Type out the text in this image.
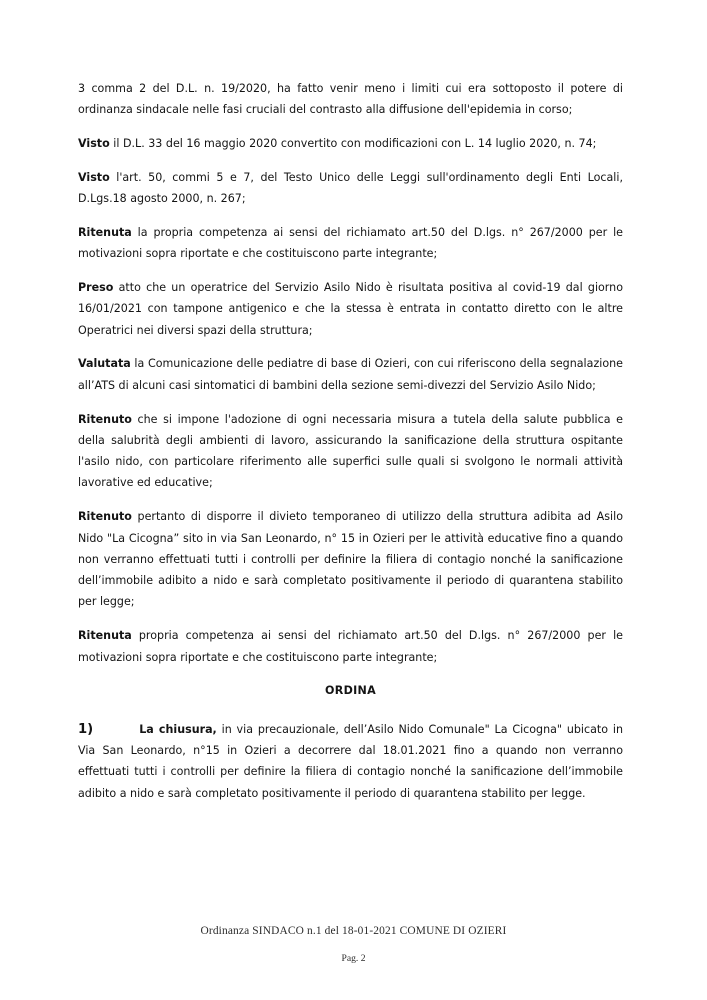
3 comma 2 del D.L. n. 19/2020, ha fatto venir meno i limiti cui era sottoposto il potere di ordinanza sindacale nelle fasi cruciali del contrasto alla diffusione dell'epidemia in corso;

Visto il D.L. 33 del 16 maggio 2020 convertito con modificazioni con L. 14 luglio 2020, n. 74;

Visto l'art. 50, commi 5 e 7, del Testo Unico delle Leggi sull'ordinamento degli Enti Locali, D.Lgs.18 agosto 2000, n. 267;

Ritenuta la propria competenza ai sensi del richiamato art.50 del D.lgs. n° 267/2000 per le motivazioni sopra riportate e che costituiscono parte integrante;

Preso atto che un operatrice del Servizio Asilo Nido è risultata positiva al covid-19 dal giorno 16/01/2021 con tampone antigenico e che la stessa è entrata in contatto diretto con le altre Operatrici nei diversi spazi della struttura;

Valutata la Comunicazione delle pediatre di base di Ozieri, con cui riferiscono della segnalazione all’ATS di alcuni casi sintomatici di bambini della sezione semi-divezzi del Servizio Asilo Nido;

Ritenuto che si impone l'adozione di ogni necessaria misura a tutela della salute pubblica e della salubrità degli ambienti di lavoro, assicurando la sanificazione della struttura ospitante l'asilo nido, con particolare riferimento alle superfici sulle quali si svolgono le normali attività lavorative ed educative;

Ritenuto pertanto di disporre il divieto temporaneo di utilizzo della struttura adibita ad Asilo Nido "La Cicogna” sito in via San Leonardo, n° 15 in Ozieri per le attività educative fino a quando non verranno effettuati tutti i controlli per definire la filiera di contagio nonché la sanificazione dell’immobile adibito a nido e sarà completato positivamente il periodo di quarantena stabilito per legge;

Ritenuta propria competenza ai sensi del richiamato art.50 del D.lgs. n° 267/2000 per le motivazioni sopra riportate e che costituiscono parte integrante;

ORDINA

1)	La chiusura, in via precauzionale, dell’Asilo Nido Comunale" La Cicogna" ubicato in Via San Leonardo, n°15 in Ozieri a decorrere dal 18.01.2021 fino a quando non verranno effettuati tutti i controlli per definire la filiera di contagio nonché la sanificazione dell’immobile adibito a nido e sarà completato positivamente il periodo di quarantena stabilito per legge.

Ordinanza SINDACO n.1 del 18-01-2021 COMUNE DI OZIERI
Pag. 2
